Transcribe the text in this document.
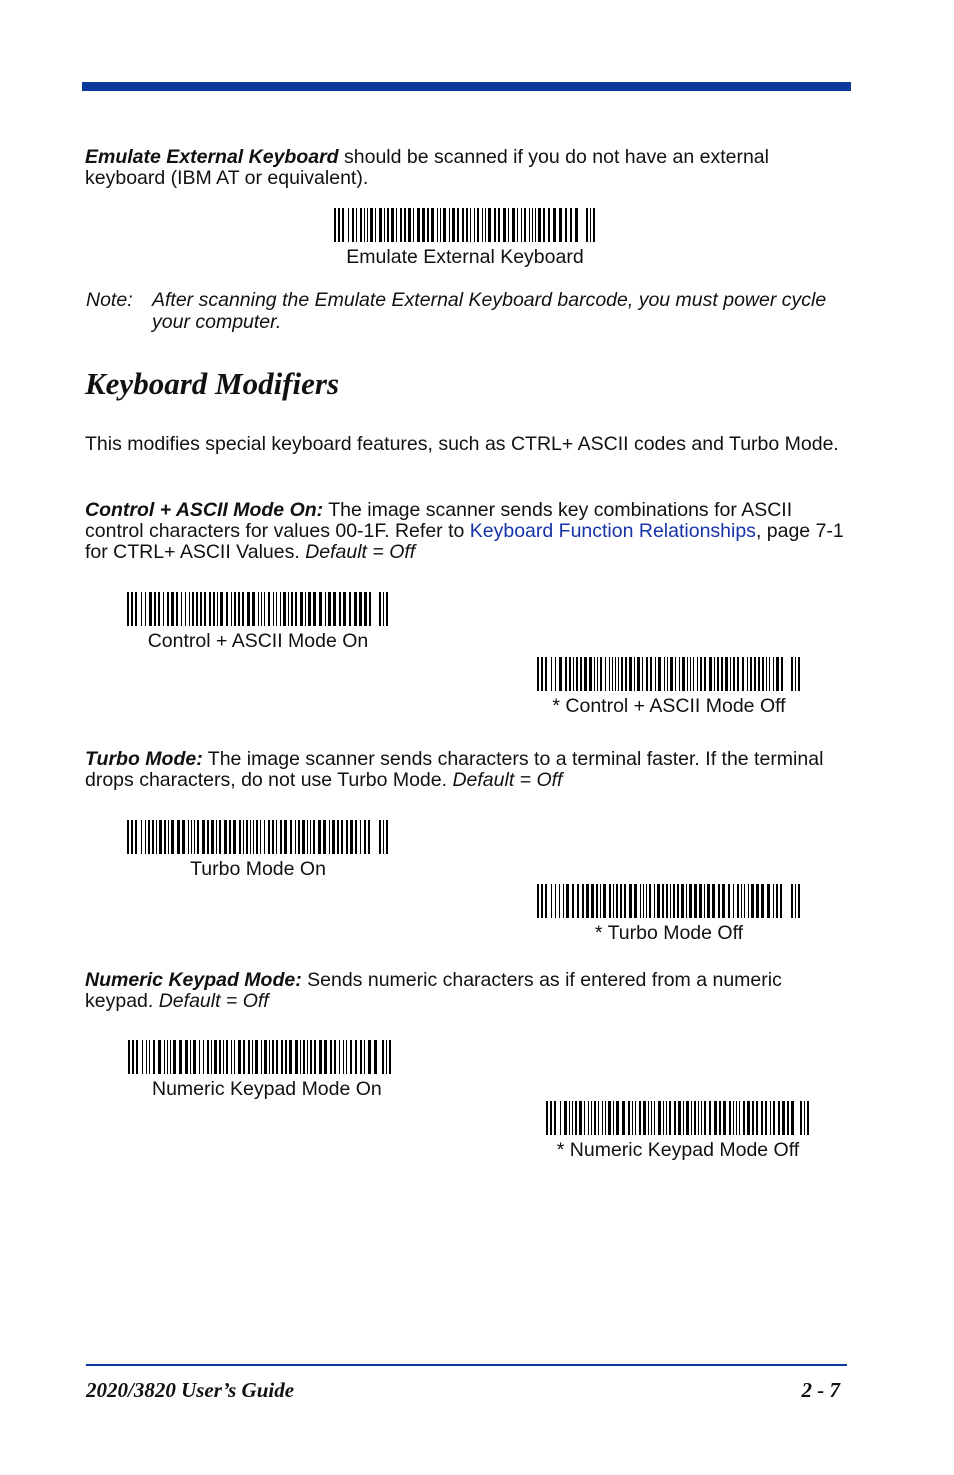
Emulate External Keyboard should be scanned if you do not have an external keyboard (IBM AT or equivalent).

Emulate External Keyboard
Note: After scanning the Emulate External Keyboard barcode, you must power cycle your computer.
Keyboard Modifiers

This modifies special keyboard features, such as CTRL+ ASCII codes and Turbo Mode.

Control + ASCII Mode On: The image scanner sends key combinations for ASCII control characters for values 00-1F. Refer to Keyboard Function Relationships, page 7-1 for CTRL+ ASCII Values. Default = Off

Control + ASCII Mode On
* Control + ASCII Mode Off

Turbo Mode: The image scanner sends characters to a terminal faster. If the terminal drops characters, do not use Turbo Mode. Default = Off

Turbo Mode On
* Turbo Mode Off

Numeric Keypad Mode: Sends numeric characters as if entered from a numeric keypad. Default = Off

Numeric Keypad Mode On
* Numeric Keypad Mode Off
2020/3820 User’s Guide	2 - 7
